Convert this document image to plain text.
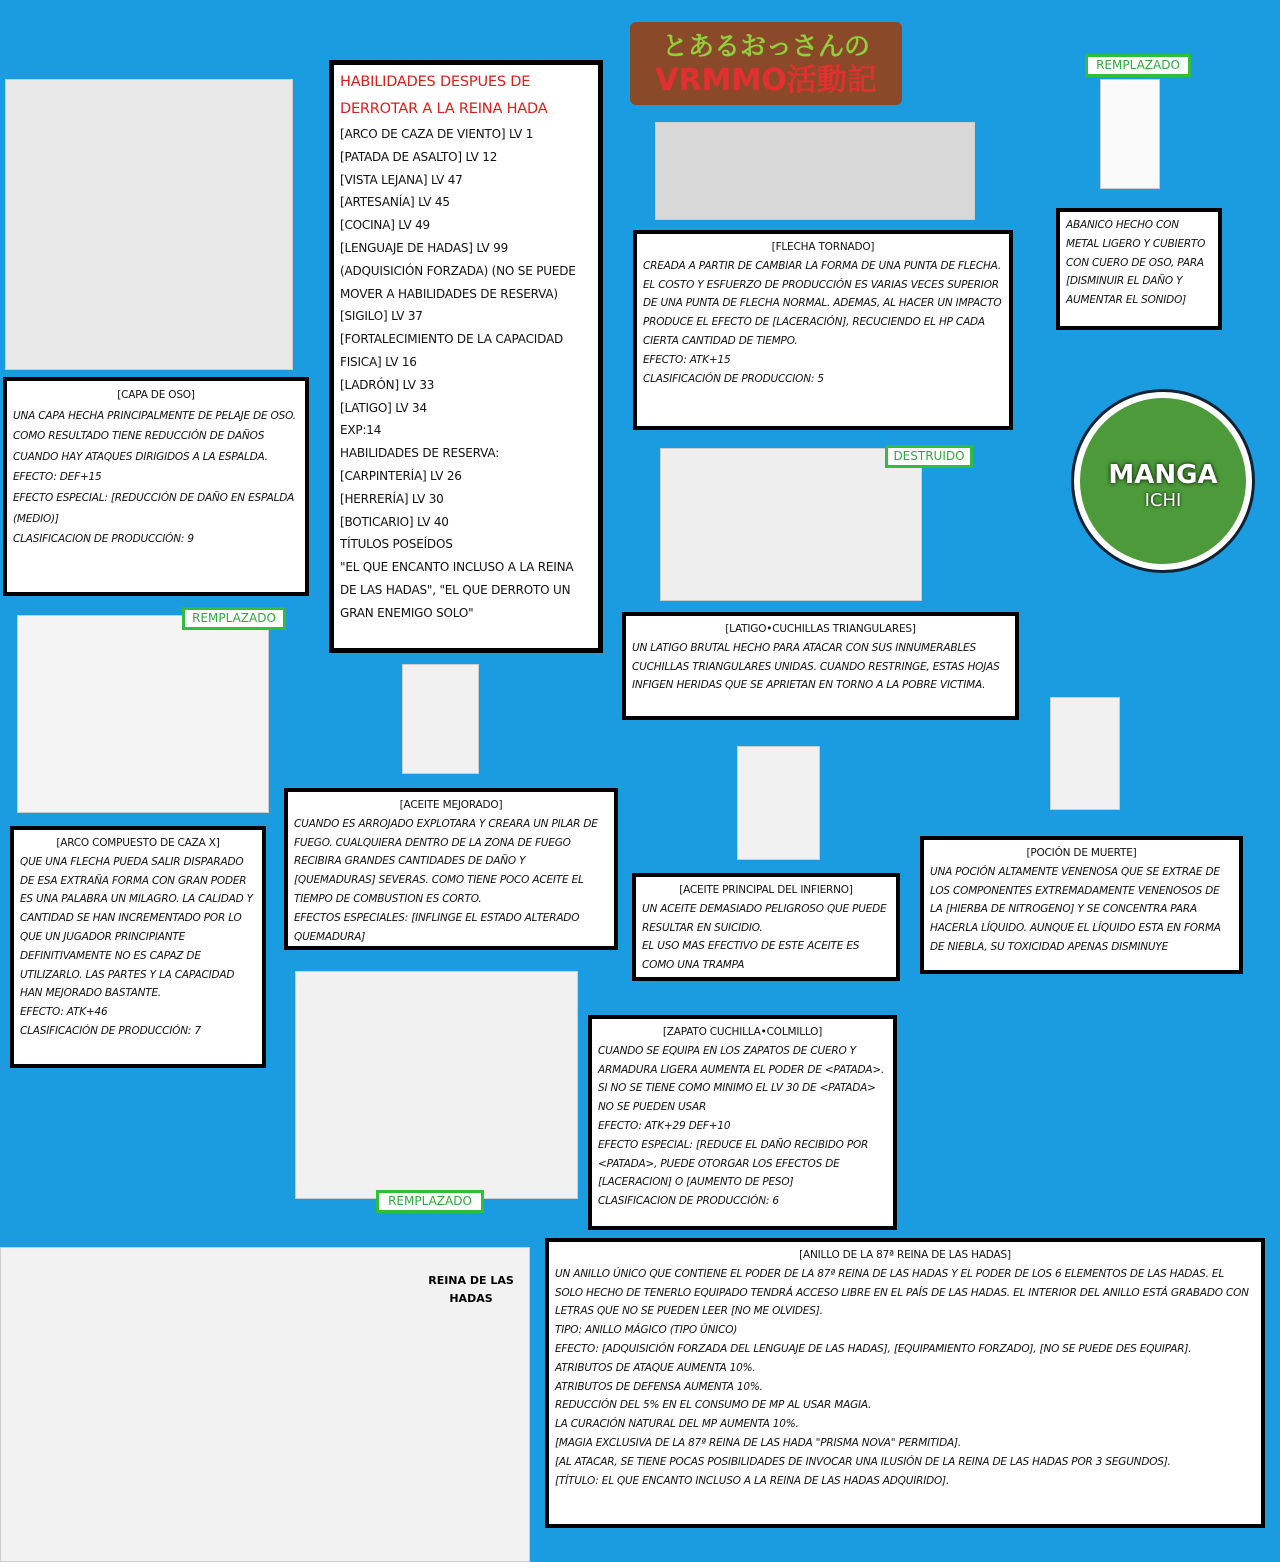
REINA DE LAS HADAS
とあるおっさんの
VRMMO活動記
MANGA
ICHI
REMPLAZADO
DESTRUIDO
REMPLAZADO
REMPLAZADO
HABILIDADES DESPUES DE
DERROTAR A LA REINA HADA
[ARCO DE CAZA DE VIENTO] LV 1
[PATADA DE ASALTO] LV 12
[VISTA LEJANA] LV 47
[ARTESANÍA] LV 45
[COCINA] LV 49
[LENGUAJE DE HADAS] LV 99
(ADQUISICIÓN FORZADA) (NO SE PUEDE MOVER A HABILIDADES DE RESERVA)
[SIGILO] LV 37
[FORTALECIMIENTO DE LA CAPACIDAD FISICA] LV 16
[LADRÓN] LV 33
[LATIGO] LV 34
EXP:14
HABILIDADES DE RESERVA:
[CARPINTERÍA] LV 26
[HERRERÍA] LV 30
[BOTICARIO] LV 40
TÍTULOS POSEÍDOS
"EL QUE ENCANTO INCLUSO A LA REINA DE LAS HADAS", "EL QUE DERROTO UN GRAN ENEMIGO SOLO"
[CAPA DE OSO]
UNA CAPA HECHA PRINCIPALMENTE DE PELAJE DE OSO.
COMO RESULTADO TIENE REDUCCIÓN DE DAÑOS CUANDO HAY ATAQUES DIRIGIDOS A LA ESPALDA.
EFECTO: DEF+15
EFECTO ESPECIAL: [REDUCCIÓN DE DAÑO EN ESPALDA (MEDIO)]
CLASIFICACION DE PRODUCCIÓN: 9
[FLECHA TORNADO]
CREADA A PARTIR DE CAMBIAR LA FORMA DE UNA PUNTA DE FLECHA.
EL COSTO Y ESFUERZO DE PRODUCCIÓN ES VARIAS VECES SUPERIOR DE UNA PUNTA DE FLECHA NORMAL. ADEMAS, AL HACER UN IMPACTO PRODUCE EL EFECTO DE [LACERACIÓN], RECUCIENDO EL HP CADA CIERTA CANTIDAD DE TIEMPO.
EFECTO: ATK+15
CLASIFICACIÓN DE PRODUCCION: 5
ABANICO HECHO CON METAL LIGERO Y CUBIERTO CON CUERO DE OSO, PARA [DISMINUIR EL DAÑO Y AUMENTAR EL SONIDO]
[LATIGO•CUCHILLAS TRIANGULARES]
UN LATIGO BRUTAL HECHO PARA ATACAR CON SUS INNUMERABLES CUCHILLAS TRIANGULARES UNIDAS. CUANDO RESTRINGE, ESTAS HOJAS INFIGEN HERIDAS QUE SE APRIETAN EN TORNO A LA POBRE VICTIMA.
[ACEITE MEJORADO]
CUANDO ES ARROJADO EXPLOTARA Y CREARA UN PILAR DE FUEGO. CUALQUIERA DENTRO DE LA ZONA DE FUEGO RECIBIRA GRANDES CANTIDADES DE DAÑO Y [QUEMADURAS] SEVERAS. COMO TIENE POCO ACEITE EL TIEMPO DE COMBUSTION ES CORTO.
EFECTOS ESPECIALES: [INFLINGE EL ESTADO ALTERADO QUEMADURA]
[ARCO COMPUESTO DE CAZA X]
QUE UNA FLECHA PUEDA SALIR DISPARADO DE ESA EXTRAÑA FORMA CON GRAN PODER ES UNA PALABRA UN MILAGRO. LA CALIDAD Y CANTIDAD SE HAN INCREMENTADO POR LO QUE UN JUGADOR PRINCIPIANTE DEFINITIVAMENTE NO ES CAPAZ DE UTILIZARLO. LAS PARTES Y LA CAPACIDAD HAN MEJORADO BASTANTE.
EFECTO: ATK+46
CLASIFICACIÓN DE PRODUCCIÓN: 7
[ACEITE PRINCIPAL DEL INFIERNO]
UN ACEITE DEMASIADO PELIGROSO QUE PUEDE RESULTAR EN SUICIDIO.
EL USO MAS EFECTIVO DE ESTE ACEITE ES COMO UNA TRAMPA
[POCIÓN DE MUERTE]
UNA POCIÓN ALTAMENTE VENENOSA QUE SE EXTRAE DE LOS COMPONENTES EXTREMADAMENTE VENENOSOS DE LA [HIERBA DE NITROGENO] Y SE CONCENTRA PARA HACERLA LÍQUIDO. AUNQUE EL LÍQUIDO ESTA EN FORMA DE NIEBLA, SU TOXICIDAD APENAS DISMINUYE
[ZAPATO CUCHILLA•COLMILLO]
CUANDO SE EQUIPA EN LOS ZAPATOS DE CUERO Y ARMADURA LIGERA AUMENTA EL PODER DE <PATADA>.
SI NO SE TIENE COMO MINIMO EL LV 30 DE <PATADA> NO SE PUEDEN USAR
EFECTO: ATK+29 DEF+10
EFECTO ESPECIAL: [REDUCE EL DAÑO RECIBIDO POR <PATADA>, PUEDE OTORGAR LOS EFECTOS DE [LACERACION] O [AUMENTO DE PESO]
CLASIFICACION DE PRODUCCIÓN: 6
[ANILLO DE LA 87ª REINA DE LAS HADAS]
UN ANILLO ÚNICO QUE CONTIENE EL PODER DE LA 87ª REINA DE LAS HADAS Y EL PODER DE LOS 6 ELEMENTOS DE LAS HADAS. EL SOLO HECHO DE TENERLO EQUIPADO TENDRÁ ACCESO LIBRE EN EL PAÍS DE LAS HADAS. EL INTERIOR DEL ANILLO ESTÁ GRABADO CON LETRAS QUE NO SE PUEDEN LEER [NO ME OLVIDES].
TIPO: ANILLO MÁGICO (TIPO ÚNICO)
EFECTO: [ADQUISICIÓN FORZADA DEL LENGUAJE DE LAS HADAS], [EQUIPAMIENTO FORZADO], [NO SE PUEDE DES EQUIPAR].
ATRIBUTOS DE ATAQUE AUMENTA 10%.
ATRIBUTOS DE DEFENSA AUMENTA 10%.
REDUCCIÓN DEL 5% EN EL CONSUMO DE MP AL USAR MAGIA.
LA CURACIÓN NATURAL DEL MP AUMENTA 10%.
[MAGIA EXCLUSIVA DE LA 87ª REINA DE LAS HADA "PRISMA NOVA" PERMITIDA].
[AL ATACAR, SE TIENE POCAS POSIBILIDADES DE INVOCAR UNA ILUSIÓN DE LA REINA DE LAS HADAS POR 3 SEGUNDOS].
[TÍTULO: EL QUE ENCANTO INCLUSO A LA REINA DE LAS HADAS ADQUIRIDO].
